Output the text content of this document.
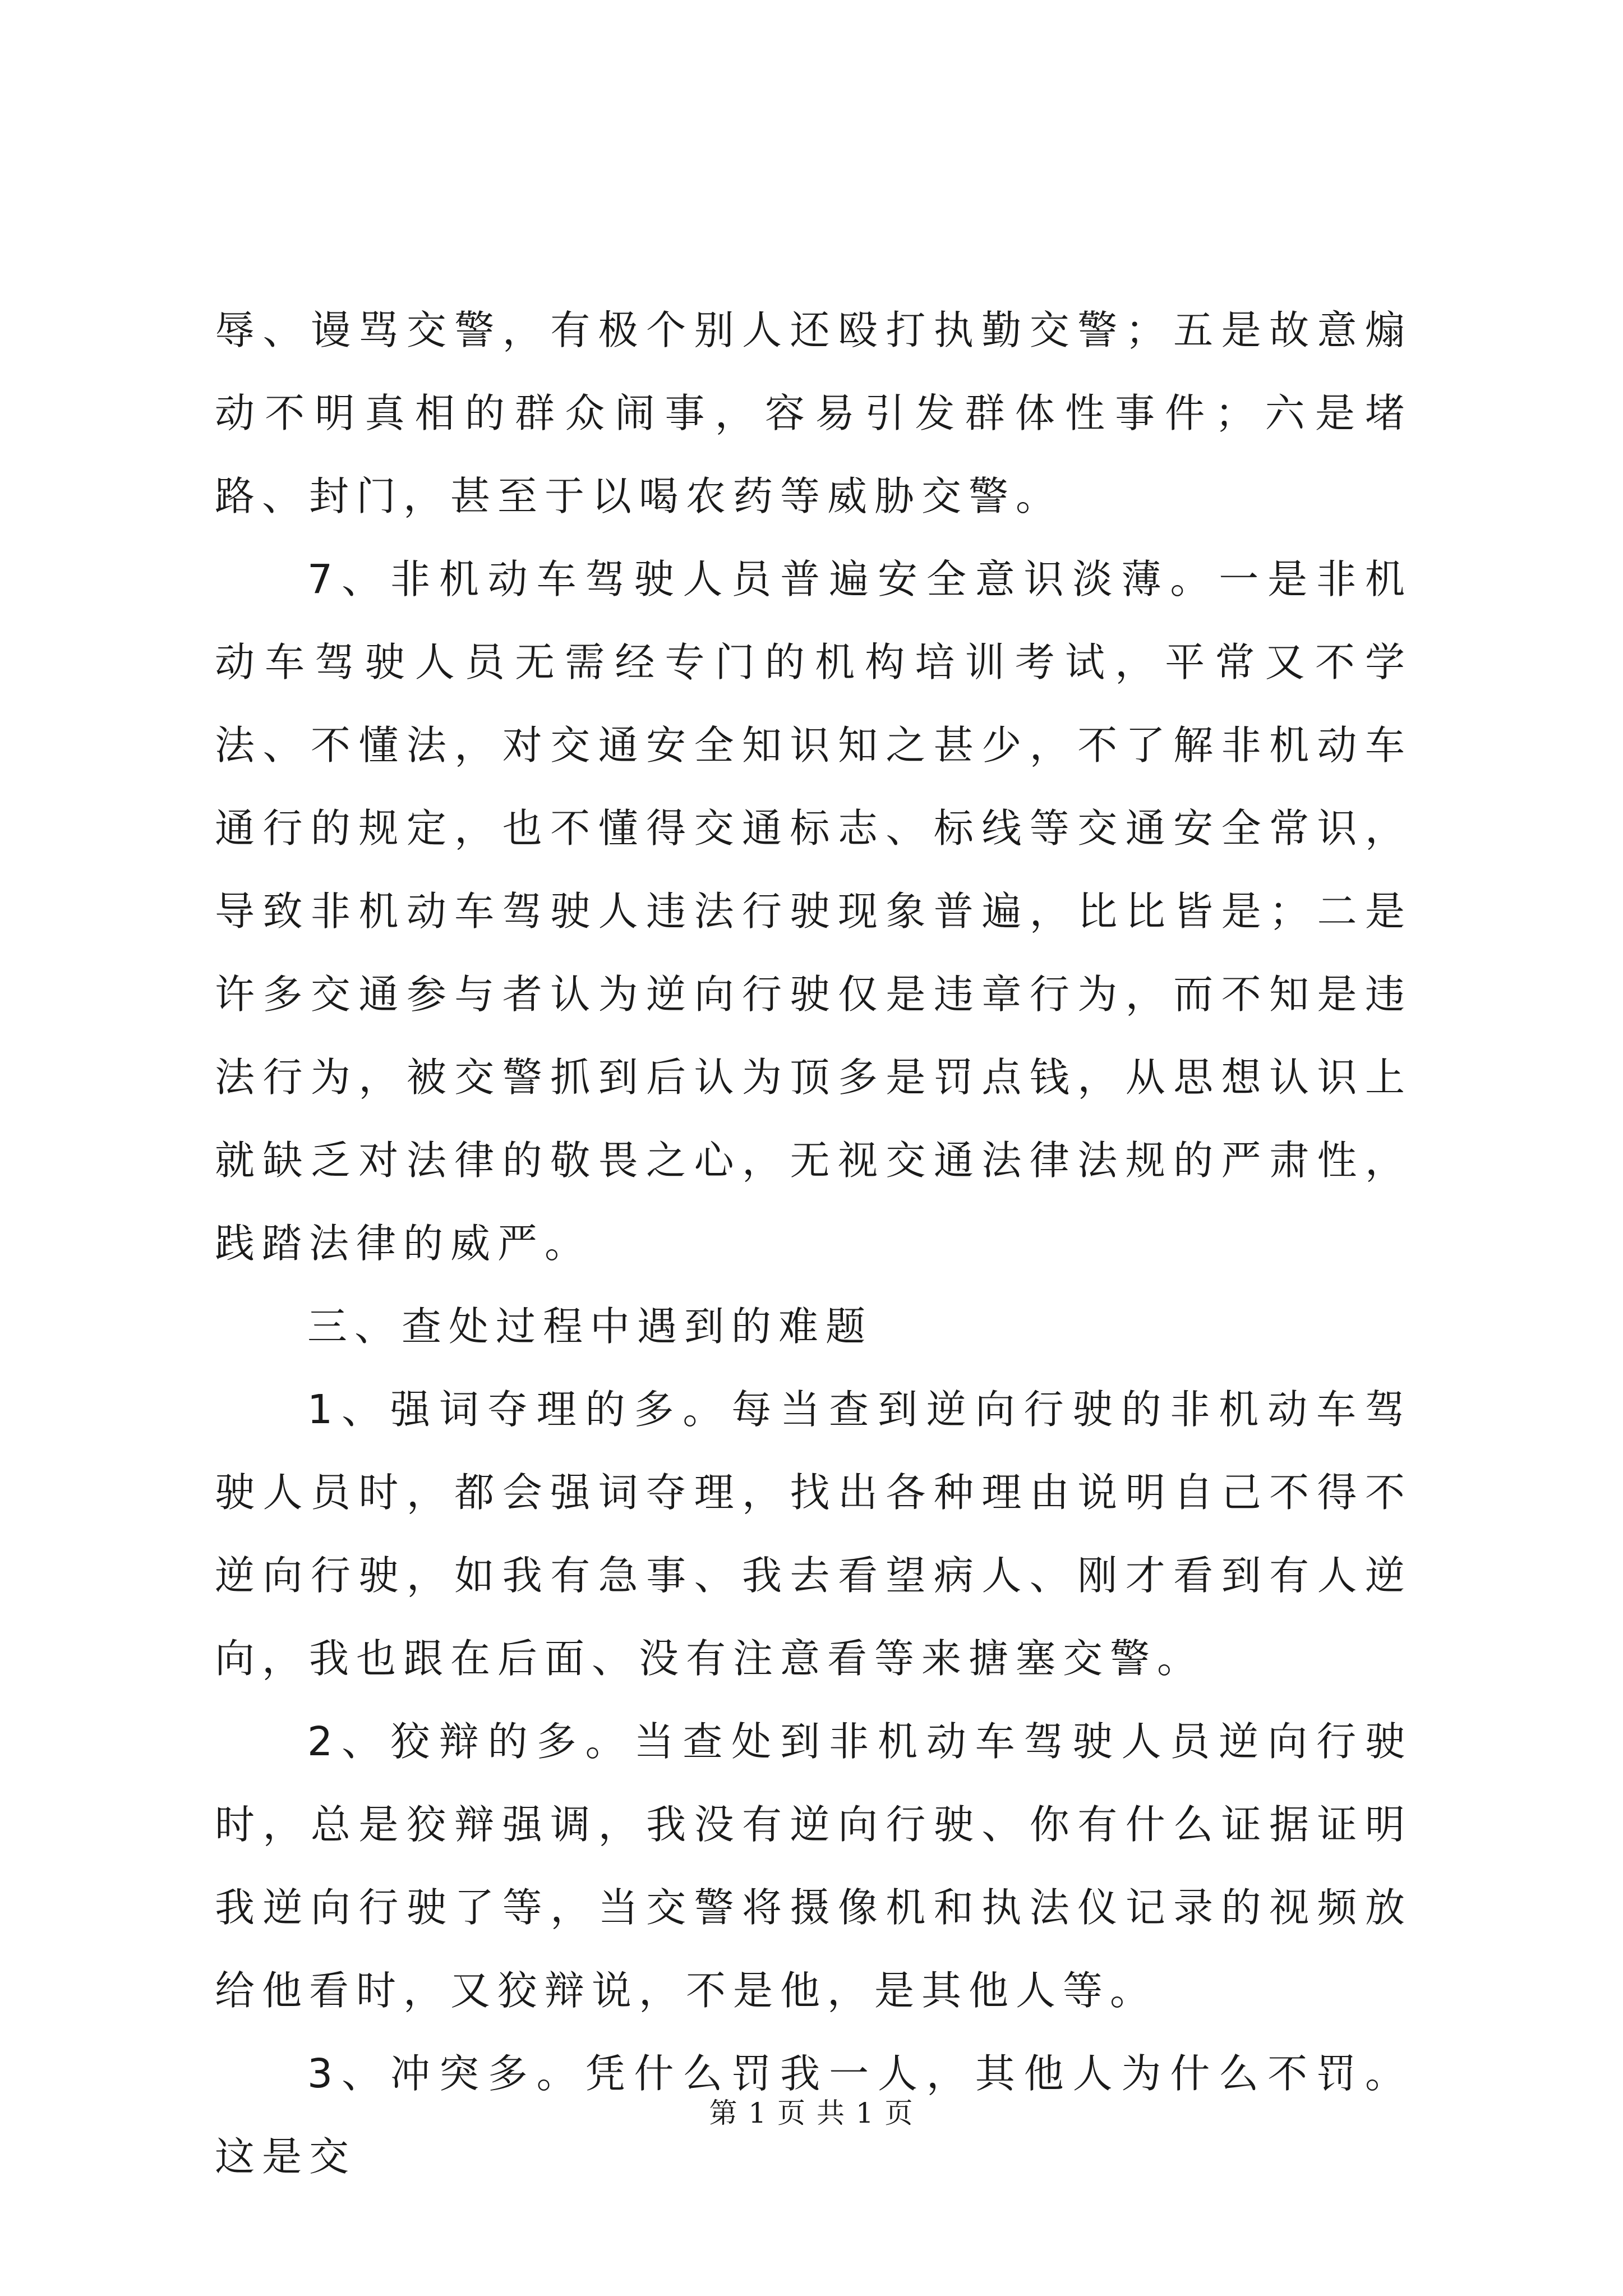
辱、谩骂交警，有极个别人还殴打执勤交警；五是故意煽动不明真相的群众闹事，容易引发群体性事件；六是堵路、封门，甚至于以喝农药等威胁交警。

7、非机动车驾驶人员普遍安全意识淡薄。一是非机动车驾驶人员无需经专门的机构培训考试，平常又不学法、不懂法，对交通安全知识知之甚少，不了解非机动车通行的规定，也不懂得交通标志、标线等交通安全常识，导致非机动车驾驶人违法行驶现象普遍，比比皆是；二是许多交通参与者认为逆向行驶仅是违章行为，而不知是违法行为，被交警抓到后认为顶多是罚点钱，从思想认识上就缺乏对法律的敬畏之心，无视交通法律法规的严肃性，践踏法律的威严。

三、查处过程中遇到的难题

1、强词夺理的多。每当查到逆向行驶的非机动车驾驶人员时，都会强词夺理，找出各种理由说明自己不得不逆向行驶，如我有急事、我去看望病人、刚才看到有人逆向，我也跟在后面、没有注意看等来搪塞交警。

2、狡辩的多。当查处到非机动车驾驶人员逆向行驶时，总是狡辩强调，我没有逆向行驶、你有什么证据证明我逆向行驶了等，当交警将摄像机和执法仪记录的视频放给他看时，又狡辩说，不是他，是其他人等。

3、冲突多。凭什么罚我一人，其他人为什么不罚。这是交

第 1 页 共 1 页
